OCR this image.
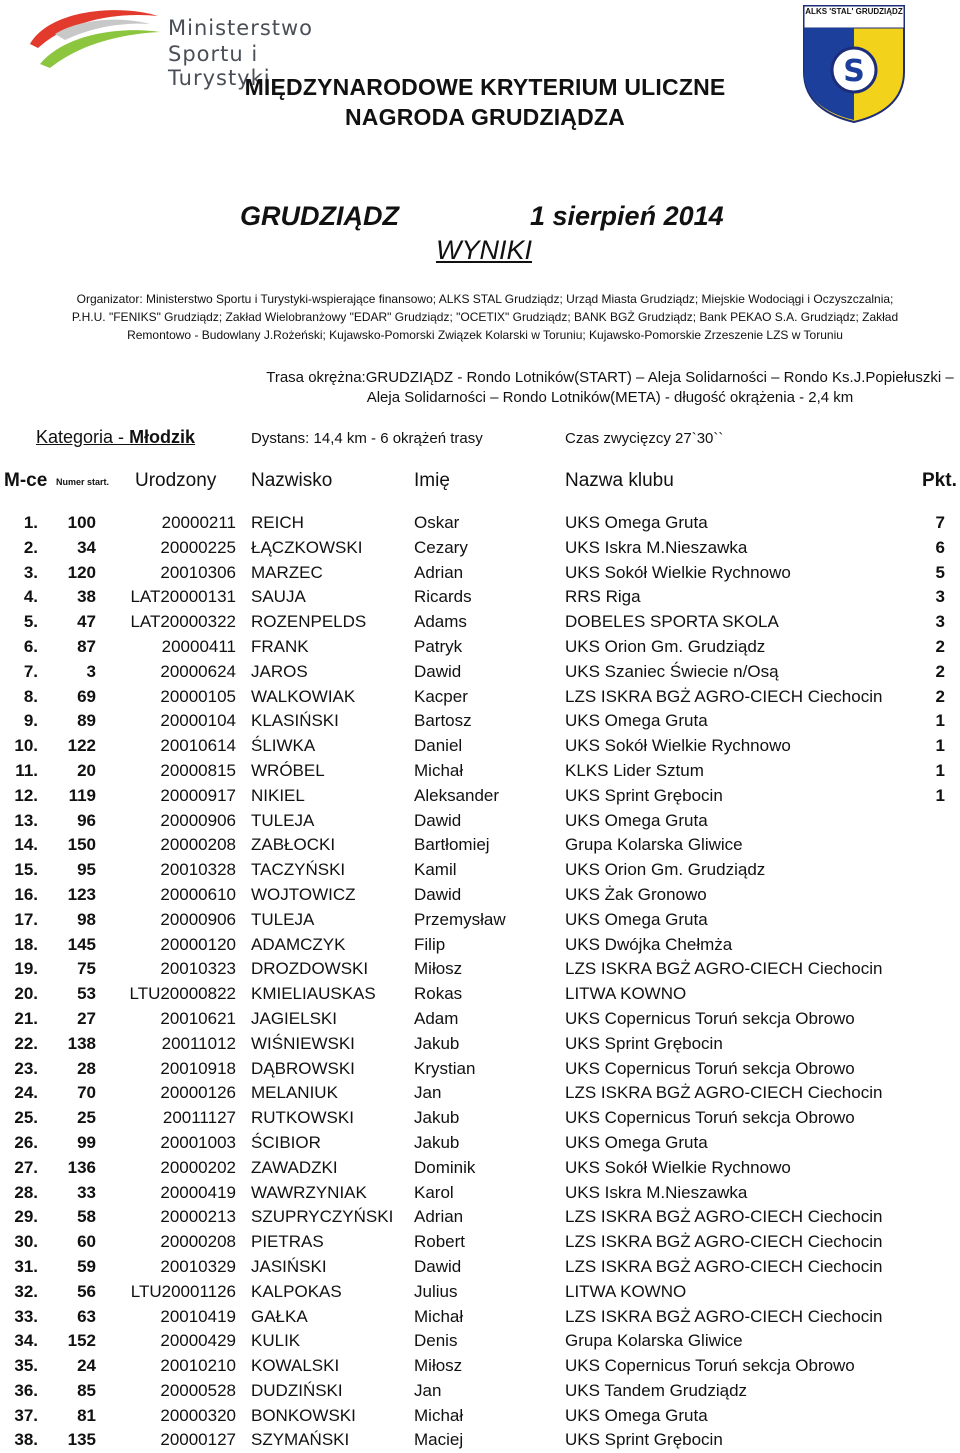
Ministerstwo
Sportu i Turystyki	S
ALKS 'STAL' GRUDZIĄDZ
MIĘDZYNARODOWE KRYTERIUM ULICZNE
NAGRODA GRUDZIĄDZA
GRUDZIĄDZ	1 sierpień 2014
WYNIKI
Organizator: Ministerstwo Sportu i Turystyki-wspierające finansowo; ALKS STAL Grudziądz; Urząd Miasta Grudziądz; Miejskie Wodociągi i Oczyszczalnia; P.H.U. "FENIKS" Grudziądz; Zakład Wielobranżowy "EDAR" Grudziądz; "OCETIX" Grudziądz; BANK BGŻ Grudziądz; Bank PEKAO S.A. Grudziądz; Zakład Remontowo - Budowlany J.Rożeński; Kujawsko-Pomorski Związek Kolarski w Toruniu; Kujawsko-Pomorskie Zrzeszenie LZS w Toruniu
Trasa okrężna:GRUDZIĄDZ - Rondo Lotników(START) – Aleja Solidarności – Rondo Ks.J.Popiełuszki – Aleja Solidarności – Rondo Lotników(META) - długość okrążenia - 2,4 km
Kategoria - Młodzik	Dystans: 14,4 km - 6 okrążeń trasy	Czas zwycięzcy 27`30``
M-ce Numer start. Urodzony Nazwisko	Imię	Nazwa klubu	Pkt.
1.	100	20000211 REICH	Oskar	UKS Omega Gruta	7
2.	34	20000225 ŁĄCZKOWSKI	Cezary	UKS Iskra M.Nieszawka	6
3.	120	20010306 MARZEC	Adrian	UKS Sokół Wielkie Rychnowo	5
4.	38	LAT20000131 SAUJA	Ricards	RRS Riga	3
5.	47	LAT20000322 ROZENPELDS	Adams	DOBELES SPORTA SKOLA	3
6.	87	20000411 FRANK	Patryk	UKS Orion Gm. Grudziądz	2
7.	3	20000624 JAROS	Dawid	UKS Szaniec Świecie n/Osą	2
8.	69	20000105 WALKOWIAK	Kacper	LZS ISKRA BGŻ AGRO-CIECH Ciechocin	2
9.	89	20000104 KLASIŃSKI	Bartosz	UKS Omega Gruta	1
10.	122	20010614 ŚLIWKA	Daniel	UKS Sokół Wielkie Rychnowo	1
11.	20	20000815 WRÓBEL	Michał	KLKS Lider Sztum	1
12.	119	20000917 NIKIEL	Aleksander	UKS Sprint Grębocin	1
13.	96	20000906 TULEJA	Dawid	UKS Omega Gruta
14.	150	20000208 ZABŁOCKI	Bartłomiej	Grupa Kolarska Gliwice
15.	95	20010328 TACZYŃSKI	Kamil	UKS Orion Gm. Grudziądz
16.	123	20000610 WOJTOWICZ	Dawid	UKS Żak Gronowo
17.	98	20000906 TULEJA	Przemysław	UKS Omega Gruta
18.	145	20000120 ADAMCZYK	Filip	UKS Dwójka Chełmża
19.	75	20010323 DROZDOWSKI	Miłosz	LZS ISKRA BGŻ AGRO-CIECH Ciechocin
20.	53	LTU20000822 KMIELIAUSKAS Rokas	LITWA KOWNO
21.	27	20010621 JAGIELSKI	Adam	UKS Copernicus Toruń sekcja Obrowo
22.	138	20011012 WIŚNIEWSKI	Jakub	UKS Sprint Grębocin
23.	28	20010918 DĄBROWSKI	Krystian	UKS Copernicus Toruń sekcja Obrowo
24.	70	20000126 MELANIUK	Jan	LZS ISKRA BGŻ AGRO-CIECH Ciechocin
25.	25	20011127 RUTKOWSKI	Jakub	UKS Copernicus Toruń sekcja Obrowo
26.	99	20001003 ŚCIBIOR	Jakub	UKS Omega Gruta
27.	136	20000202 ZAWADZKI	Dominik	UKS Sokół Wielkie Rychnowo
28.	33	20000419 WAWRZYNIAK	Karol	UKS Iskra M.Nieszawka
29.	58	20000213 SZUPRYCZYŃSKI Adrian	LZS ISKRA BGŻ AGRO-CIECH Ciechocin
30.	60	20000208 PIETRAS	Robert	LZS ISKRA BGŻ AGRO-CIECH Ciechocin
31.	59	20010329 JASIŃSKI	Dawid	LZS ISKRA BGŻ AGRO-CIECH Ciechocin
32.	56	LTU20001126 KALPOKAS	Julius	LITWA KOWNO
33.	63	20010419 GAŁKA	Michał	LZS ISKRA BGŻ AGRO-CIECH Ciechocin
34.	152	20000429 KULIK	Denis	Grupa Kolarska Gliwice
35.	24	20010210 KOWALSKI	Miłosz	UKS Copernicus Toruń sekcja Obrowo
36.	85	20000528 DUDZIŃSKI	Jan	UKS Tandem Grudziądz
37.	81	20000320 BONKOWSKI	Michał	UKS Omega Gruta
38.	135	20000127 SZYMAŃSKI	Maciej	UKS Sprint Grębocin
